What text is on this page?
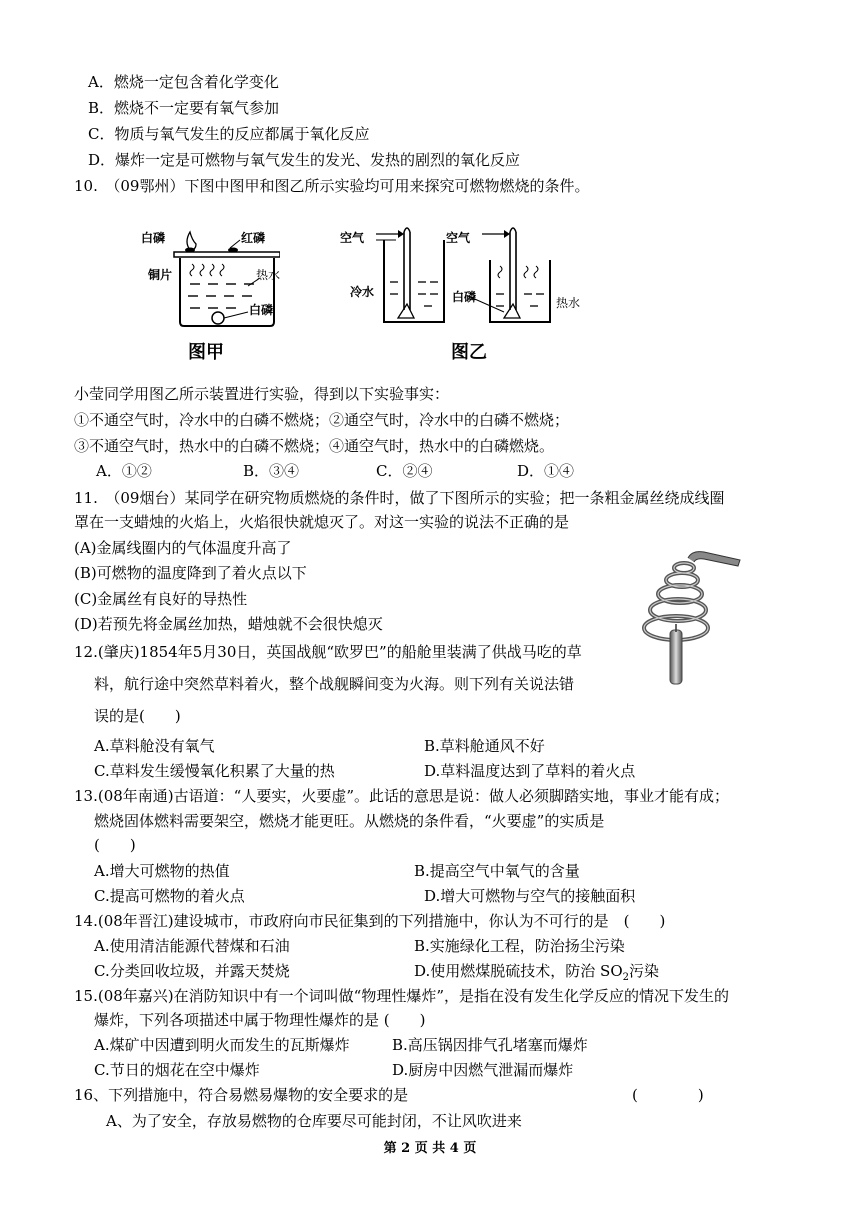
A．燃烧一定包含着化学变化
B．燃烧不一定要有氧气参加
C．物质与氧气发生的反应都属于氧化反应
D．爆炸一定是可燃物与氧气发生的发光、发热的剧烈的氧化反应
10.　（09鄂州）下图中图甲和图乙所示实验均可用来探究可燃物燃烧的条件。
白磷	红磷
铜片	热水
白磷
图甲
空气	空气
冷水	白磷	热水
图乙
小莹同学用图乙所示装置进行实验，得到以下实验事实：
①不通空气时，冷水中的白磷不燃烧；②通空气时，冷水中的白磷不燃烧；
③不通空气时，热水中的白磷不燃烧；④通空气时，热水中的白磷燃烧。
A．①②	B．③④	C．②④	D．①④
11.　（09烟台）某同学在研究物质燃烧的条件时，做了下图所示的实验；把一条粗金属丝绕成线圈
罩在一支蜡烛的火焰上，火焰很快就熄灭了。对这一实验的说法不正确的是
(A)金属线圈内的气体温度升高了
(B)可燃物的温度降到了着火点以下
(C)金属丝有良好的导热性
(D)若预先将金属丝加热，蜡烛就不会很快熄灭
12.(肇庆)1854年5月30日，英国战舰“欧罗巴”的船舱里装满了供战马吃的草
料，航行途中突然草料着火，整个战舰瞬间变为火海。则下列有关说法错
误的是(　　)
A.草料舱没有氧气	B.草料舱通风不好
C.草料发生缓慢氧化积累了大量的热	D.草料温度达到了草料的着火点
13.(08年南通)古语道：“人要实，火要虚”。此话的意思是说：做人必须脚踏实地，事业才能有成；
燃烧固体燃料需要架空，燃烧才能更旺。从燃烧的条件看，“火要虚”的实质是
(　　)
A.增大可燃物的热值	B.提高空气中氧气的含量
C.提高可燃物的着火点	D.增大可燃物与空气的接触面积
14.(08年晋江)建设城市，市政府向市民征集到的下列措施中，你认为不可行的是　(　　)
A.使用清洁能源代替煤和石油	B.实施绿化工程，防治扬尘污染
C.分类回收垃圾，并露天焚烧	D.使用燃煤脱硫技术，防治 $SO_2$污染
15.(08年嘉兴)在消防知识中有一个词叫做“物理性爆炸”，是指在没有发生化学反应的情况下发生的
爆炸，下列各项描述中属于物理性爆炸的是 (　　)
A.煤矿中因遭到明火而发生的瓦斯爆炸	B.高压锅因排气孔堵塞而爆炸
C.节日的烟花在空中爆炸	D.厨房中因燃气泄漏而爆炸
16、下列措施中，符合易燃易爆物的安全要求的是	(　　　　)
A、为了安全，存放易燃物的仓库要尽可能封闭，不让风吹进来
第 2 页 共 4 页
